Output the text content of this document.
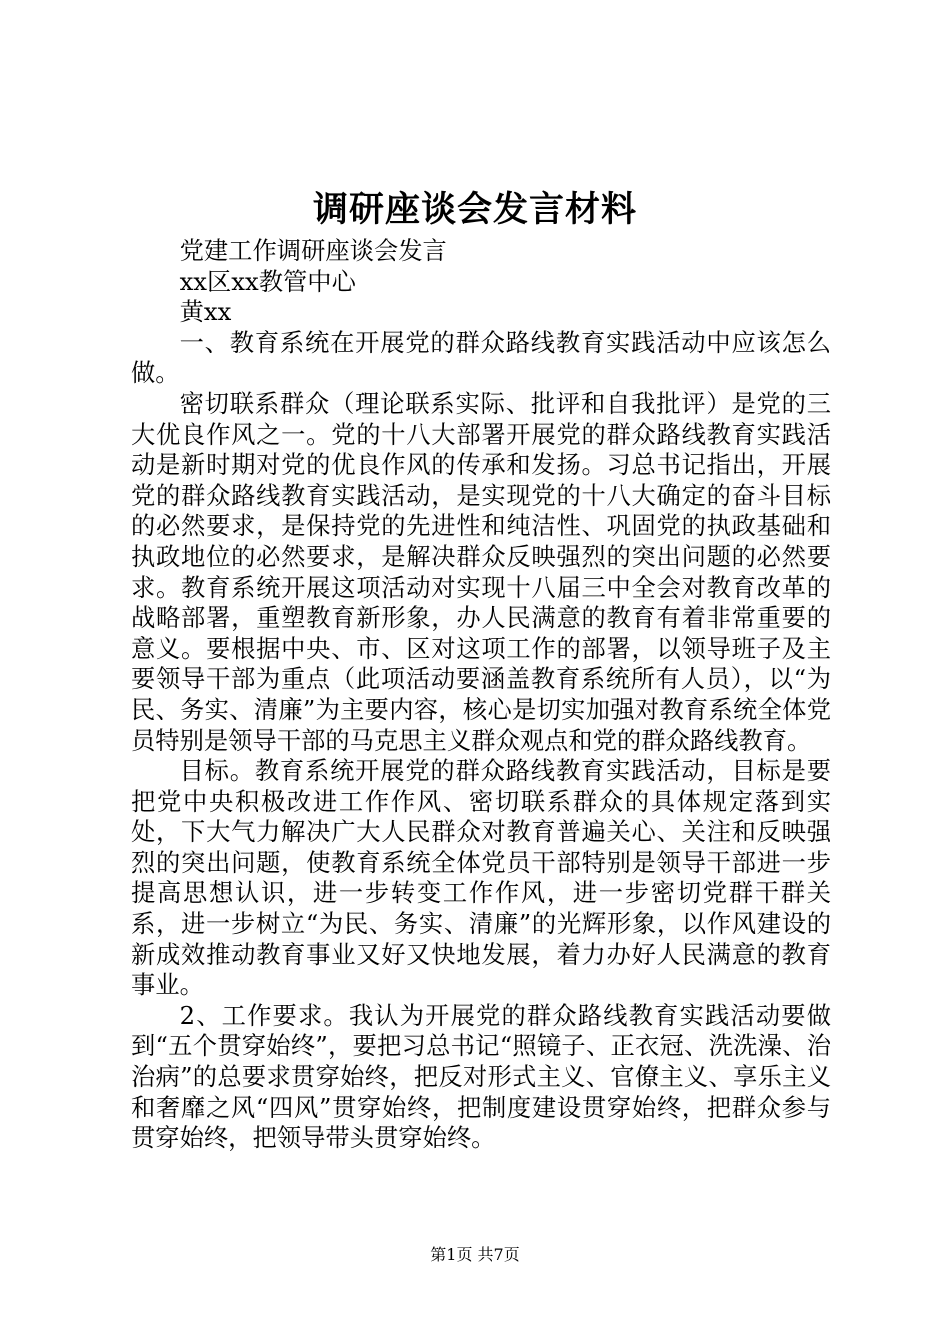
调研座谈会发言材料

党建工作调研座谈会发言

xx区xx教管中心

黄xx

一、教育系统在开展党的群众路线教育实践活动中应该怎么做。

密切联系群众（理论联系实际、批评和自我批评）是党的三大优良作风之一。党的十八大部署开展党的群众路线教育实践活动是新时期对党的优良作风的传承和发扬。习总书记指出，开展党的群众路线教育实践活动，是实现党的十八大确定的奋斗目标的必然要求，是保持党的先进性和纯洁性、巩固党的执政基础和执政地位的必然要求，是解决群众反映强烈的突出问题的必然要求。教育系统开展这项活动对实现十八届三中全会对教育改革的战略部署，重塑教育新形象，办人民满意的教育有着非常重要的意义。要根据中央、市、区对这项工作的部署，以领导班子及主要领导干部为重点（此项活动要涵盖教育系统所有人员），以“为民、务实、清廉”为主要内容，核心是切实加强对教育系统全体党员特别是领导干部的马克思主义群众观点和党的群众路线教育。

目标。教育系统开展党的群众路线教育实践活动，目标是要把党中央积极改进工作作风、密切联系群众的具体规定落到实处，下大气力解决广大人民群众对教育普遍关心、关注和反映强烈的突出问题，使教育系统全体党员干部特别是领导干部进一步提高思想认识，进一步转变工作作风，进一步密切党群干群关系，进一步树立“为民、务实、清廉”的光辉形象，以作风建设的新成效推动教育事业又好又快地发展，着力办好人民满意的教育事业。

2、工作要求。我认为开展党的群众路线教育实践活动要做到“五个贯穿始终”，要把习总书记“照镜子、正衣冠、洗洗澡、治治病”的总要求贯穿始终，把反对形式主义、官僚主义、享乐主义和奢靡之风“四风”贯穿始终，把制度建设贯穿始终，把群众参与贯穿始终，把领导带头贯穿始终。

第1页 共7页
